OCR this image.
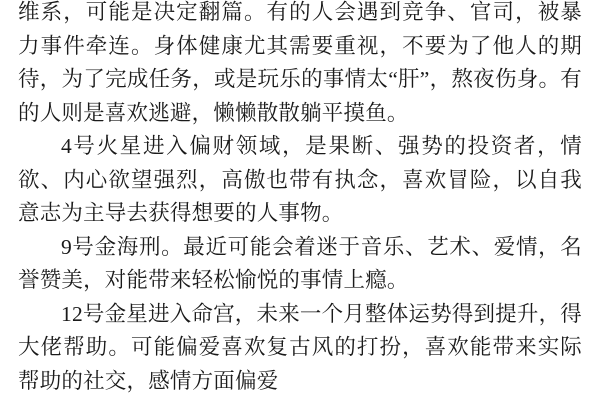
维系，可能是决定翻篇。有的人会遇到竞争、官司，被暴力事件牵连。身体健康尤其需要重视，不要为了他人的期待，为了完成任务，或是玩乐的事情太“肝”，熬夜伤身。有的人则是喜欢逃避，懒懒散散躺平摸鱼。

4号火星进入偏财领域，是果断、强势的投资者，情欲、内心欲望强烈，高傲也带有执念，喜欢冒险，以自我意志为主导去获得想要的人事物。

9号金海刑。最近可能会着迷于音乐、艺术、爱情，名誉赞美，对能带来轻松愉悦的事情上瘾。

12号金星进入命宫，未来一个月整体运势得到提升，得大佬帮助。可能偏爱喜欢复古风的打扮，喜欢能带来实际帮助的社交，感情方面偏爱
